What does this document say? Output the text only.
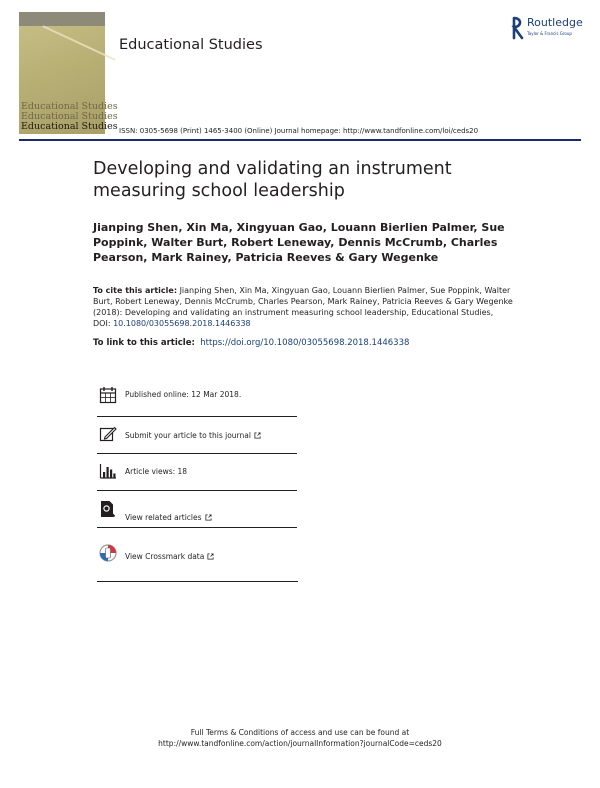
Educational Studies
Educational Studies
Educational Studies
Educational Studies
Routledge
Taylor & Francis Group
ISSN: 0305-5698 (Print) 1465-3400 (Online) Journal homepage: http://www.tandfonline.com/loi/ceds20
Developing and validating an instrument measuring school leadership
Jianping Shen, Xin Ma, Xingyuan Gao, Louann Bierlien Palmer, Sue Poppink, Walter Burt, Robert Leneway, Dennis McCrumb, Charles Pearson, Mark Rainey, Patricia Reeves & Gary Wegenke
To cite this article: Jianping Shen, Xin Ma, Xingyuan Gao, Louann Bierlien Palmer, Sue Poppink, Walter Burt, Robert Leneway, Dennis McCrumb, Charles Pearson, Mark Rainey, Patricia Reeves & Gary Wegenke (2018): Developing and validating an instrument measuring school leadership, Educational Studies, DOI: 10.1080/03055698.2018.1446338
To link to this article: https://doi.org/10.1080/03055698.2018.1446338
Published online: 12 Mar 2018.
Submit your article to this journal
Article views: 18
View related articles
View Crossmark data
Full Terms & Conditions of access and use can be found at
http://www.tandfonline.com/action/journalInformation?journalCode=ceds20
